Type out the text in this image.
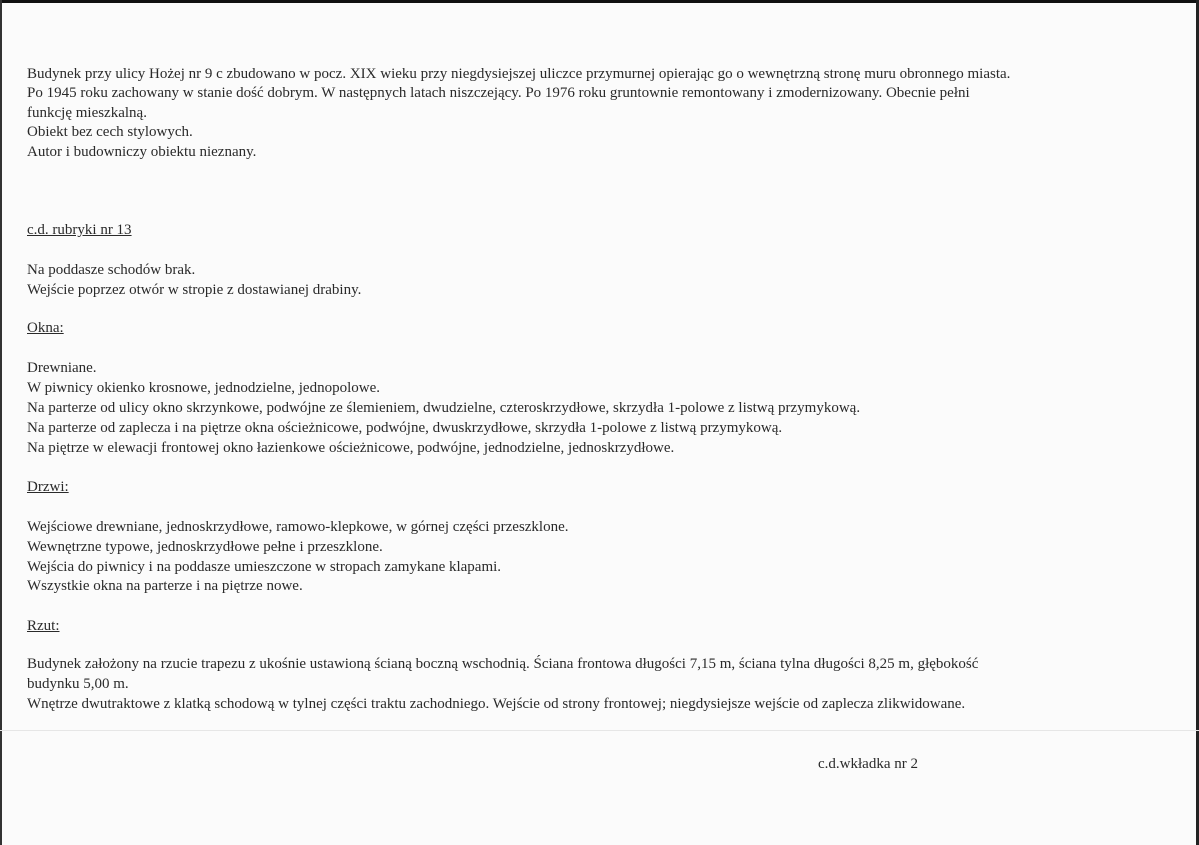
Budynek przy ulicy Hożej nr 9 c zbudowano w pocz. XIX wieku przy niegdysiejszej uliczce przymurnej opierając go o wewnętrzną stronę muru obronnego miasta.
Po 1945 roku zachowany w stanie dość dobrym. W następnych latach niszczejący. Po 1976 roku gruntownie remontowany i zmodernizowany. Obecnie pełni
funkcję mieszkalną.
Obiekt bez cech stylowych.
Autor i budowniczy obiektu nieznany.
c.d. rubryki nr 13
Na poddasze schodów brak.
Wejście poprzez otwór w stropie z dostawianej drabiny.
Okna:
Drewniane.
W piwnicy okienko krosnowe, jednodzielne, jednopolowe.
Na parterze od ulicy okno skrzynkowe, podwójne ze ślemieniem, dwudzielne, czteroskrzydłowe, skrzydła 1-polowe z listwą przymykową.
Na parterze od zaplecza i na piętrze okna ościeżnicowe, podwójne, dwuskrzydłowe, skrzydła 1-polowe z listwą przymykową.
Na piętrze w elewacji frontowej okno łazienkowe ościeżnicowe, podwójne, jednodzielne, jednoskrzydłowe.
Drzwi:
Wejściowe drewniane, jednoskrzydłowe, ramowo-klepkowe, w górnej części przeszklone.
Wewnętrzne typowe, jednoskrzydłowe pełne i przeszklone.
Wejścia do piwnicy i na poddasze umieszczone w stropach zamykane klapami.
Wszystkie okna na parterze i na piętrze nowe.
Rzut:
Budynek założony na rzucie trapezu z ukośnie ustawioną ścianą boczną wschodnią. Ściana frontowa długości 7,15 m, ściana tylna długości 8,25 m, głębokość
budynku 5,00 m.
Wnętrze dwutraktowe z klatką schodową w tylnej części traktu zachodniego. Wejście od strony frontowej; niegdysiejsze wejście od zaplecza zlikwidowane.
c.d.wkładka nr 2
